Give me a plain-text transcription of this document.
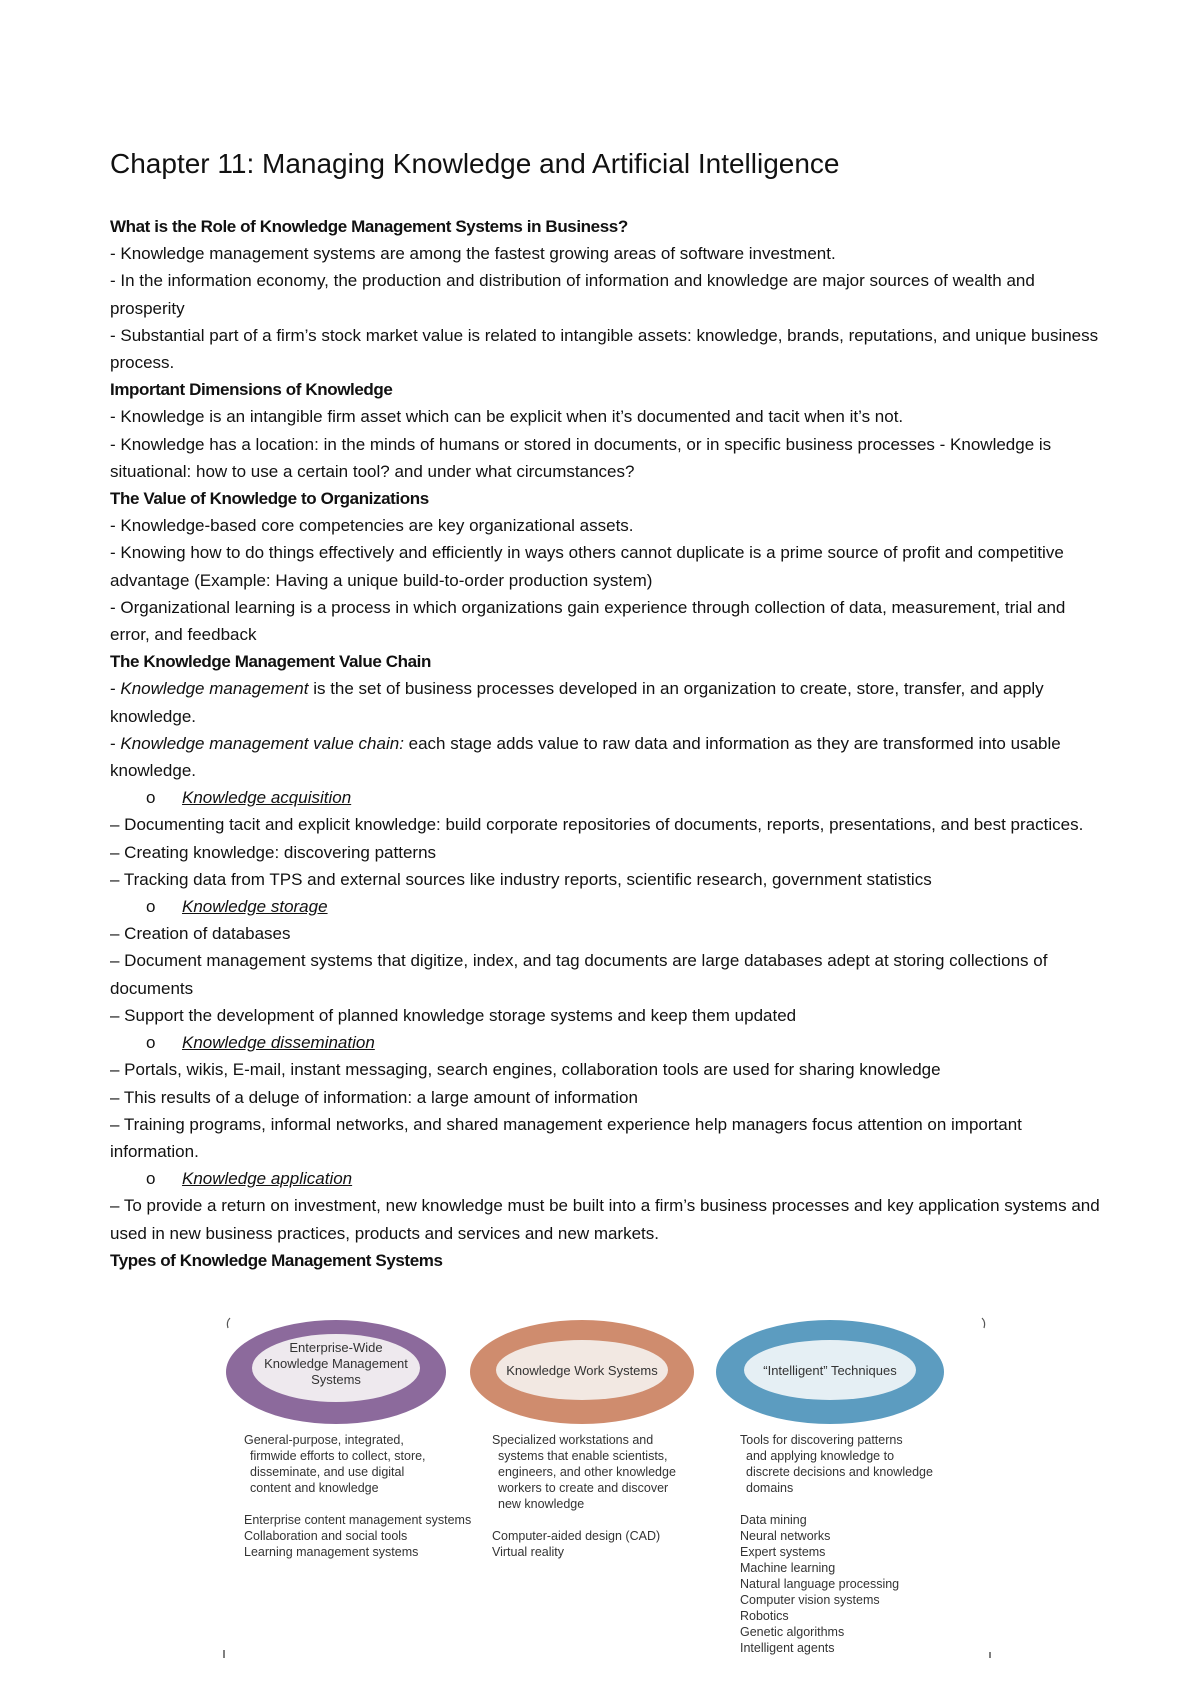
Chapter 11: Managing Knowledge and Artificial Intelligence

What is the Role of Knowledge Management Systems in Business?

- Knowledge management systems are among the fastest growing areas of software investment.

- In the information economy, the production and distribution of information and knowledge are major sources of wealth and prosperity

- Substantial part of a firm’s stock market value is related to intangible assets: knowledge, brands, reputations, and unique business process.

Important Dimensions of Knowledge

- Knowledge is an intangible firm asset which can be explicit when it’s documented and tacit when it’s not.

- Knowledge has a location: in the minds of humans or stored in documents, or in specific business processes - Knowledge is situational: how to use a certain tool? and under what circumstances?

The Value of Knowledge to Organizations

- Knowledge-based core competencies are key organizational assets.

- Knowing how to do things effectively and efficiently in ways others cannot duplicate is a prime source of profit and competitive advantage (Example: Having a unique build-to-order production system)

- Organizational learning is a process in which organizations gain experience through collection of data, measurement, trial and error, and feedback

The Knowledge Management Value Chain

- Knowledge management is the set of business processes developed in an organization to create, store, transfer, and apply knowledge.

- Knowledge management value chain: each stage adds value to raw data and information as they are transformed into usable knowledge.

o Knowledge acquisition

– Documenting tacit and explicit knowledge: build corporate repositories of documents, reports, presentations, and best practices.

– Creating knowledge: discovering patterns

– Tracking data from TPS and external sources like industry reports, scientific research, government statistics

o Knowledge storage

– Creation of databases

– Document management systems that digitize, index, and tag documents are large databases adept at storing collections of documents

– Support the development of planned knowledge storage systems and keep them updated

o Knowledge dissemination

– Portals, wikis, E-mail, instant messaging, search engines, collaboration tools are used for sharing knowledge

– This results of a deluge of information: a large amount of information

– Training programs, informal networks, and shared management experience help managers focus attention on important information.

o Knowledge application

– To provide a return on investment, new knowledge must be built into a firm’s business processes and key application systems and used in new business practices, products and services and new markets.

Types of Knowledge Management Systems

Enterprise-Wide
Knowledge Management
Systems
General-purpose, integrated,
firmwide efforts to collect, store,
disseminate, and use digital
content and knowledge
Enterprise content management systems
Collaboration and social tools
Learning management systems
Knowledge Work Systems
Specialized workstations and
systems that enable scientists,
engineers, and other knowledge
workers to create and discover
new knowledge
Computer-aided design (CAD)
Virtual reality
“Intelligent” Techniques
Tools for discovering patterns
and applying knowledge to
discrete decisions and knowledge
domains
Data mining
Neural networks
Expert systems
Machine learning
Natural language processing
Computer vision systems
Robotics
Genetic algorithms
Intelligent agents
